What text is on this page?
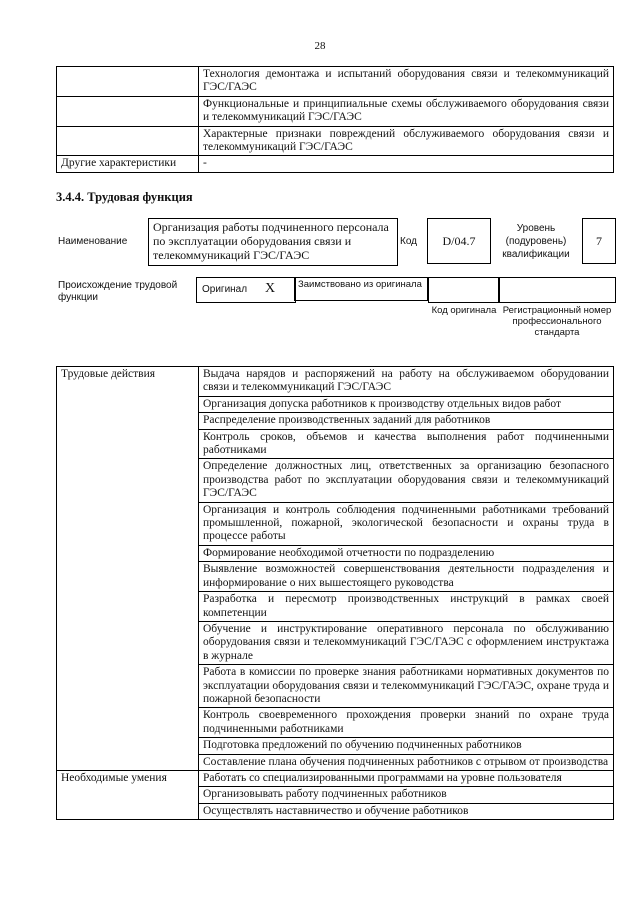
28
	Технология демонтажа и испытаний оборудования связи и телекоммуникаций ГЭС/ГАЭС
	Функциональные и принципиальные схемы обслуживаемого оборудования связи и телекоммуникаций ГЭС/ГАЭС
	Характерные признаки повреждений обслуживаемого оборудования связи и телекоммуникаций ГЭС/ГАЭС
Другие характеристики	-
3.4.4. Трудовая функция
Наименование
Организация работы подчиненного персонала по эксплуатации оборудования связи и телекоммуникаций ГЭС/ГАЭС
Код	D/04.7
Уровень (подуровень) квалификации
7
Происхождение трудовой функции
Оригинал X	Заимствовано из оригинала
Код оригинала Регистрационный номер профессионального стандарта
Трудовые действия	Выдача нарядов и распоряжений на работу на обслуживаемом оборудовании связи и телекоммуникаций ГЭС/ГАЭС
	Организация допуска работников к производству отдельных видов работ
	Распределение производственных заданий для работников
	Контроль сроков, объемов и качества выполнения работ подчиненными работниками
	Определение должностных лиц, ответственных за организацию безопасного производства работ по эксплуатации оборудования связи и телекоммуникаций ГЭС/ГАЭС
	Организация и контроль соблюдения подчиненными работниками требований промышленной, пожарной, экологической безопасности и охраны труда в процессе работы
	Формирование необходимой отчетности по подразделению
	Выявление возможностей совершенствования деятельности подразделения и информирование о них вышестоящего руководства
	Разработка и пересмотр производственных инструкций в рамках своей компетенции
	Обучение и инструктирование оперативного персонала по обслуживанию оборудования связи и телекоммуникаций ГЭС/ГАЭС с оформлением инструктажа в журнале
	Работа в комиссии по проверке знания работниками нормативных документов по эксплуатации оборудования связи и телекоммуникаций ГЭС/ГАЭС, охране труда и пожарной безопасности
	Контроль своевременного прохождения проверки знаний по охране труда подчиненными работниками
	Подготовка предложений по обучению подчиненных работников
	Составление плана обучения подчиненных работников с отрывом от производства
Необходимые умения	Работать со специализированными программами на уровне пользователя
	Организовывать работу подчиненных работников
	Осуществлять наставничество и обучение работников
